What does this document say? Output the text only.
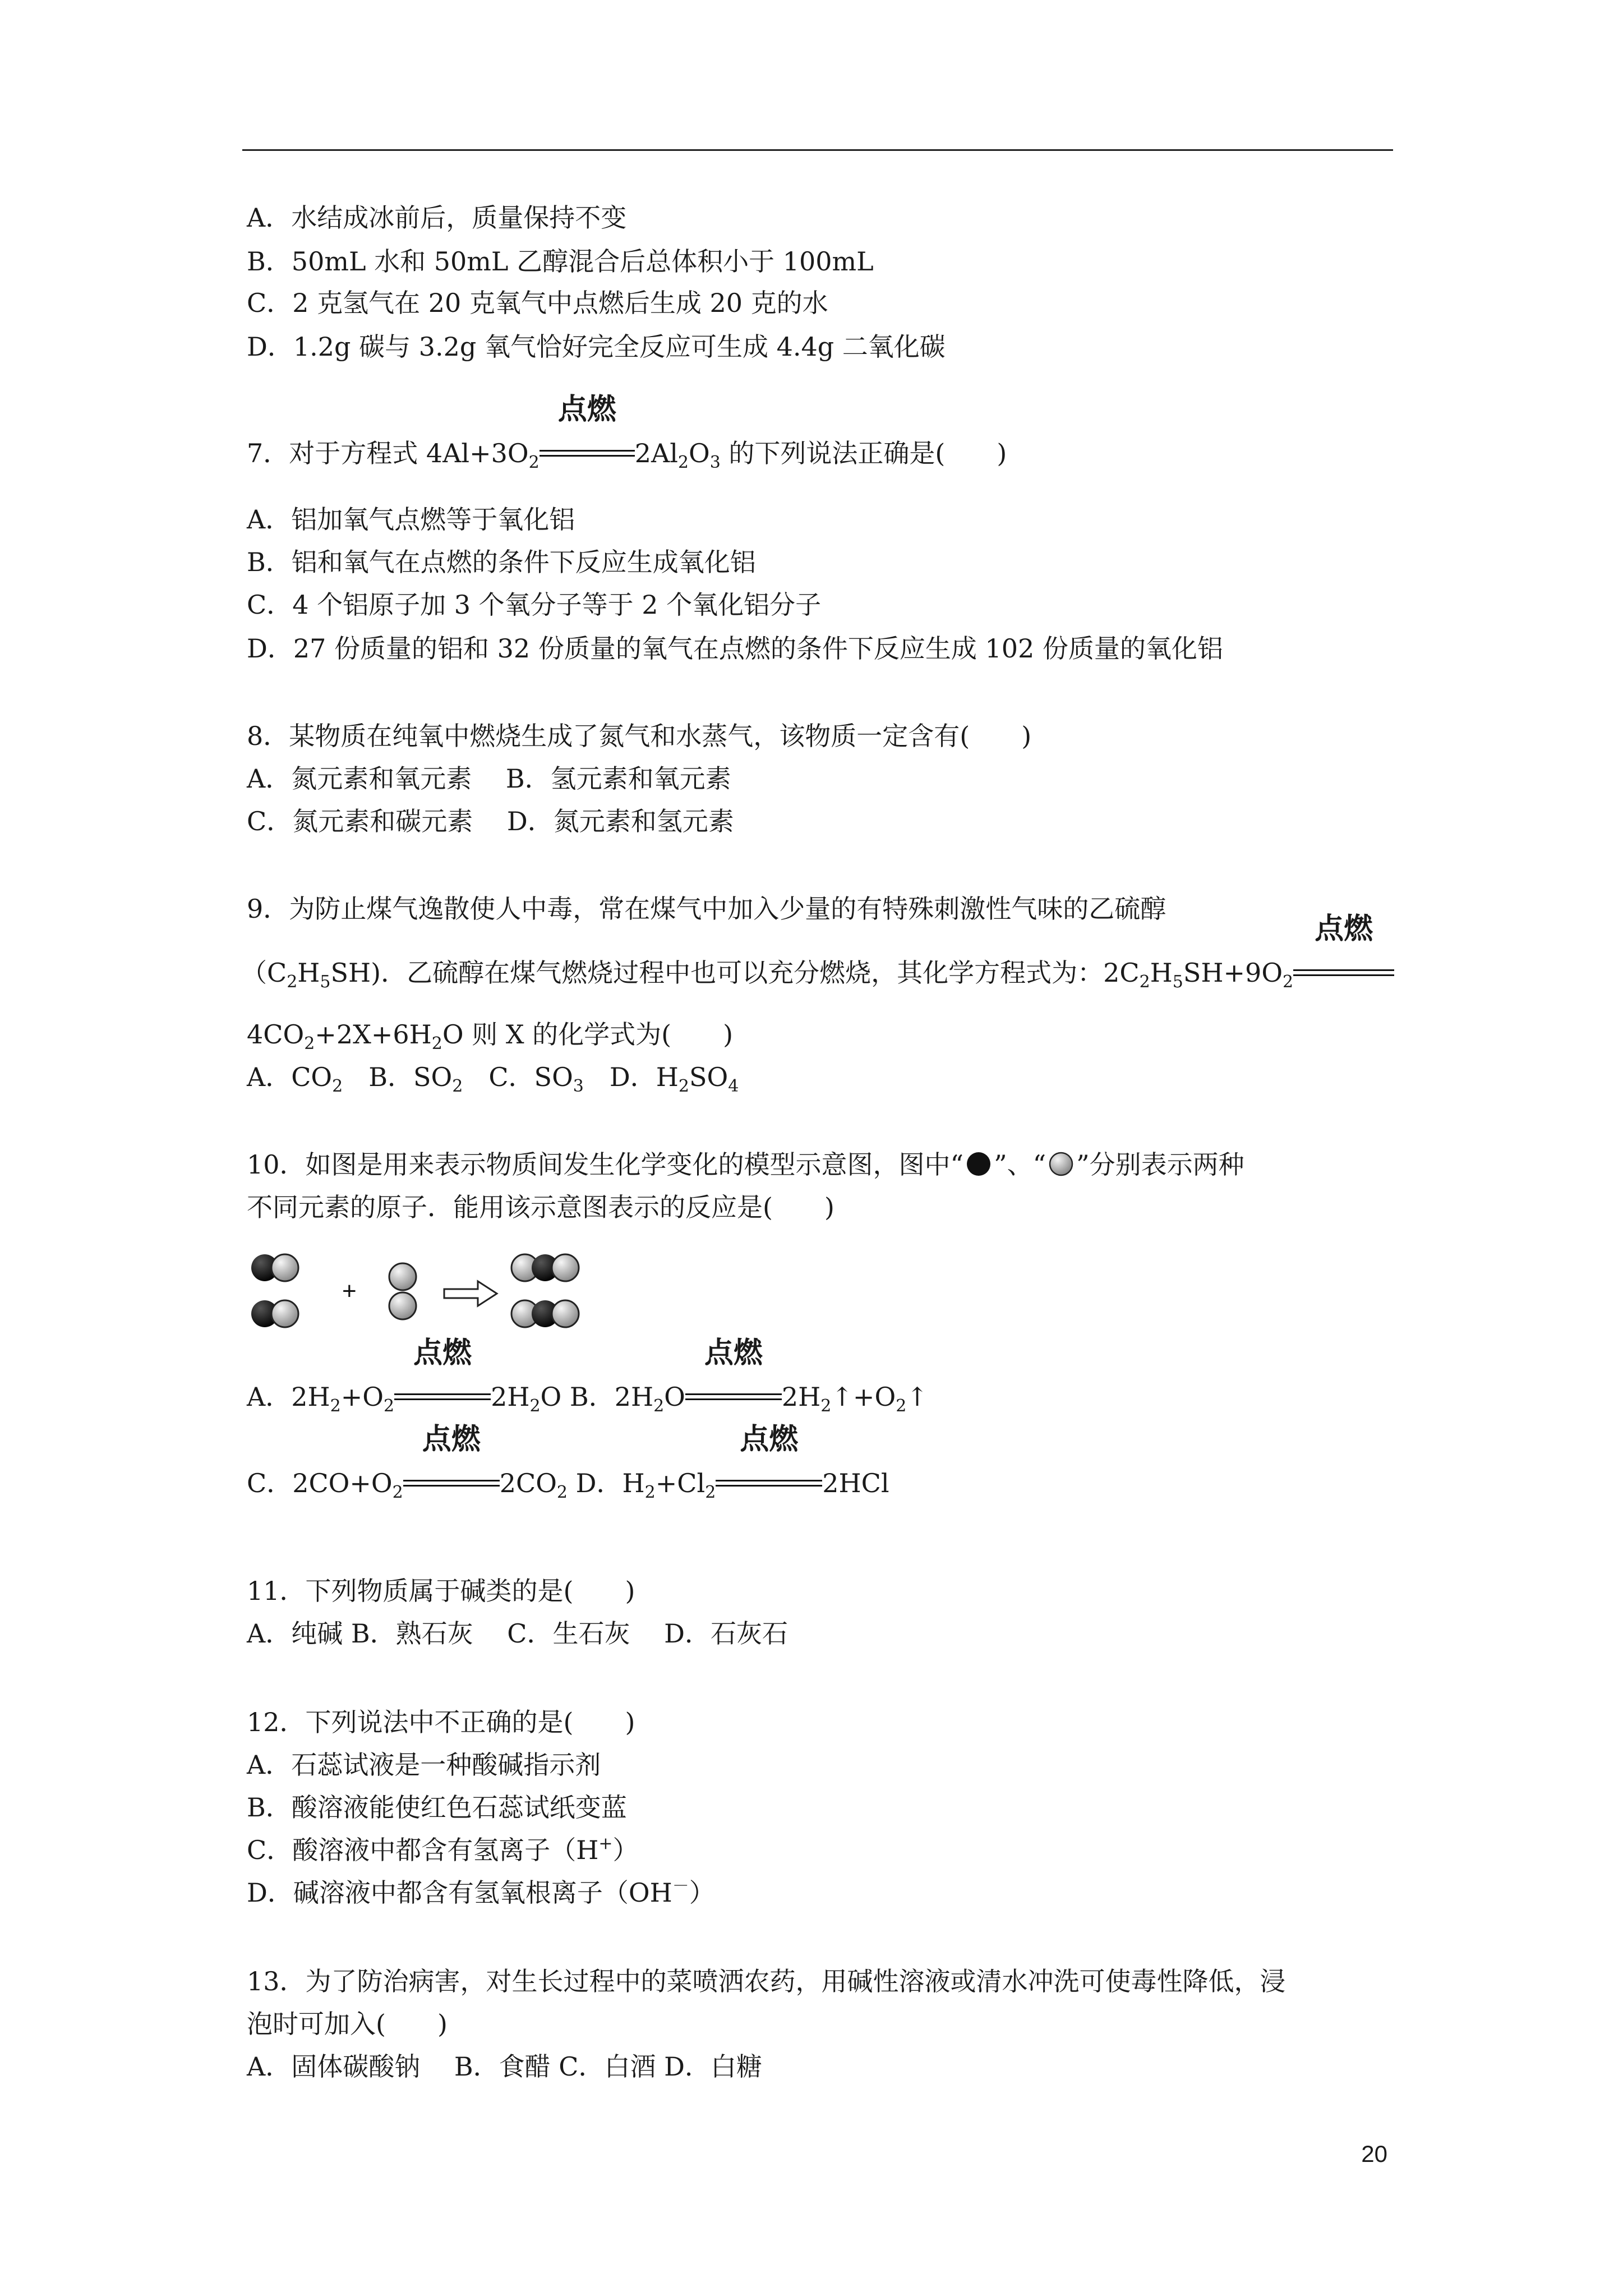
A．水结成冰前后，质量保持不变
B．50mL 水和 50mL 乙醇混合后总体积小于 100mL
C．2 克氢气在 20 克氧气中点燃后生成 20 克的水
D．1.2g 碳与 3.2g 氧气恰好完全反应可生成 4.4g 二氧化碳
7．对于方程式 $4Al+3O_2$
点燃
$2Al_2O_3$ 的下列说法正确是(　　)
A．铝加氧气点燃等于氧化铝
B．铝和氧气在点燃的条件下反应生成氧化铝
C．4 个铝原子加 3 个氧分子等于 2 个氧化铝分子
D．27 份质量的铝和 32 份质量的氧气在点燃的条件下反应生成 102 份质量的氧化铝
8．某物质在纯氧中燃烧生成了氮气和水蒸气，该物质一定含有(　　)
A．氮元素和氧元素　 B．氢元素和氧元素
C．氮元素和碳元素　 D．氮元素和氢元素
9．为防止煤气逸散使人中毒，常在煤气中加入少量的有特殊刺激性气味的乙硫醇
$(C_2H_5SH)$．乙硫醇在煤气燃烧过程中也可以充分燃烧，其化学方程式为：$2C_2H_5SH+9O_2$
点燃
$4CO_2+2X+6H_2O$ 则 X 的化学式为(　　)
A．$CO_2$　B．$SO_2$　C．$SO_3$　D．$H_2SO_4$
10．如图是用来表示物质间发生化学变化的模型示意图，图中“ ”、“ ”分别表示两种
不同元素的原子．能用该示意图表示的反应是(　　)
+
A．$2H_2+O_2$
点燃
$2H_2O$ B．$2H_2O$
点燃
$2H_2↑+O_2↑$
C．$2CO+O_2$
点燃
$2CO_2$ D．$H_2+Cl_2$
点燃
2HCl
11．下列物质属于碱类的是(　　)
A．纯碱 B．熟石灰　 C．生石灰　 D．石灰石
12．下列说法中不正确的是(　　)
A．石蕊试液是一种酸碱指示剂
B．酸溶液能使红色石蕊试纸变蓝
C．酸溶液中都含有氢离子（H+）
D．碱溶液中都含有氢氧根离子（OH－）
13．为了防治病害，对生长过程中的菜喷洒农药，用碱性溶液或清水冲洗可使毒性降低，浸
泡时可加入(　　)
A．固体碳酸钠　 B．食醋 C．白酒 D．白糖
20
